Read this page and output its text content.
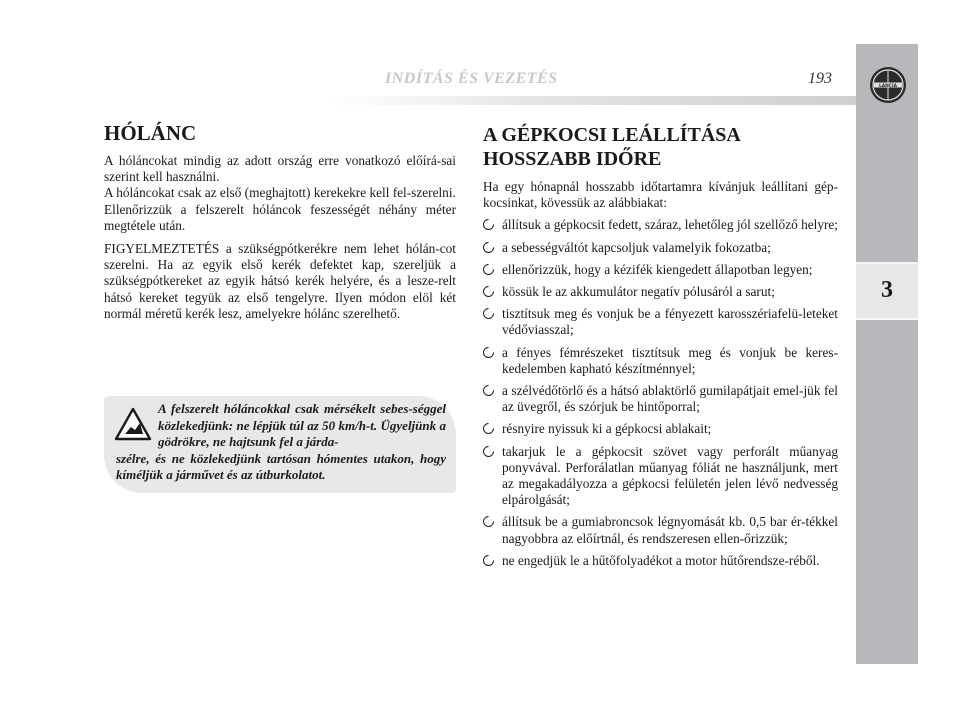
INDÍTÁS ÉS VEZETÉS	193	LANCIA
3
HÓLÁNC

A hóláncokat mindig az adott ország erre vonatkozó előírá-sai szerint kell használni.
A hóláncokat csak az első (meghajtott) kerekekre kell fel-szerelni.
Ellenőrizzük a felszerelt hóláncok feszességét néhány méter megtétele után.

FIGYELMEZTETÉS a szükségpótkerékre nem lehet hólán-cot szerelni. Ha az egyik első kerék defektet kap, szereljük a szükségpótkereket az egyik hátsó kerék helyére, és a lesze-relt hátsó kereket tegyük az első tengelyre. Ilyen módon elöl két normál méretű kerék lesz, amelyekre hólánc szerelhető.

A felszerelt hóláncokkal csak mérsékelt sebes-séggel közlekedjünk: ne lépjük túl az 50 km/h-t. Ügyeljünk a gödrökre, ne hajtsunk fel a járda-
szélre, és ne közlekedjünk tartósan hómentes utakon, hogy kíméljük a járművet és az útburkolatot.
A GÉPKOCSI LEÁLLÍTÁSA
HOSSZABB IDŐRE

Ha egy hónapnál hosszabb időtartamra kívánjuk leállítani gép-kocsinkat, kövessük az alábbiakat:

állítsuk a gépkocsit fedett, száraz, lehetőleg jól szellőző helyre;
a sebességváltót kapcsoljuk valamelyik fokozatba;
ellenőrizzük, hogy a kézifék kiengedett állapotban legyen;
kössük le az akkumulátor negatív pólusáról a sarut;
tisztítsuk meg és vonjuk be a fényezett karosszériafelü-leteket védőviasszal;
a fényes fémrészeket tisztítsuk meg és vonjuk be keres-kedelemben kapható készítménnyel;
a szélvédőtörlő és a hátsó ablaktörlő gumilapátjait emel-jük fel az üvegről, és szórjuk be hintőporral;
résnyire nyissuk ki a gépkocsi ablakait;
takarjuk le a gépkocsit szövet vagy perforált műanyag ponyvával. Perforálatlan műanyag fóliát ne használjunk, mert az megakadályozza a gépkocsi felületén jelen lévő nedvesség elpárolgását;
állítsuk be a gumiabroncsok légnyomását kb. 0,5 bar ér-tékkel nagyobbra az előírtnál, és rendszeresen ellen-őrizzük;
ne engedjük le a hűtőfolyadékot a motor hűtőrendsze-réből.
